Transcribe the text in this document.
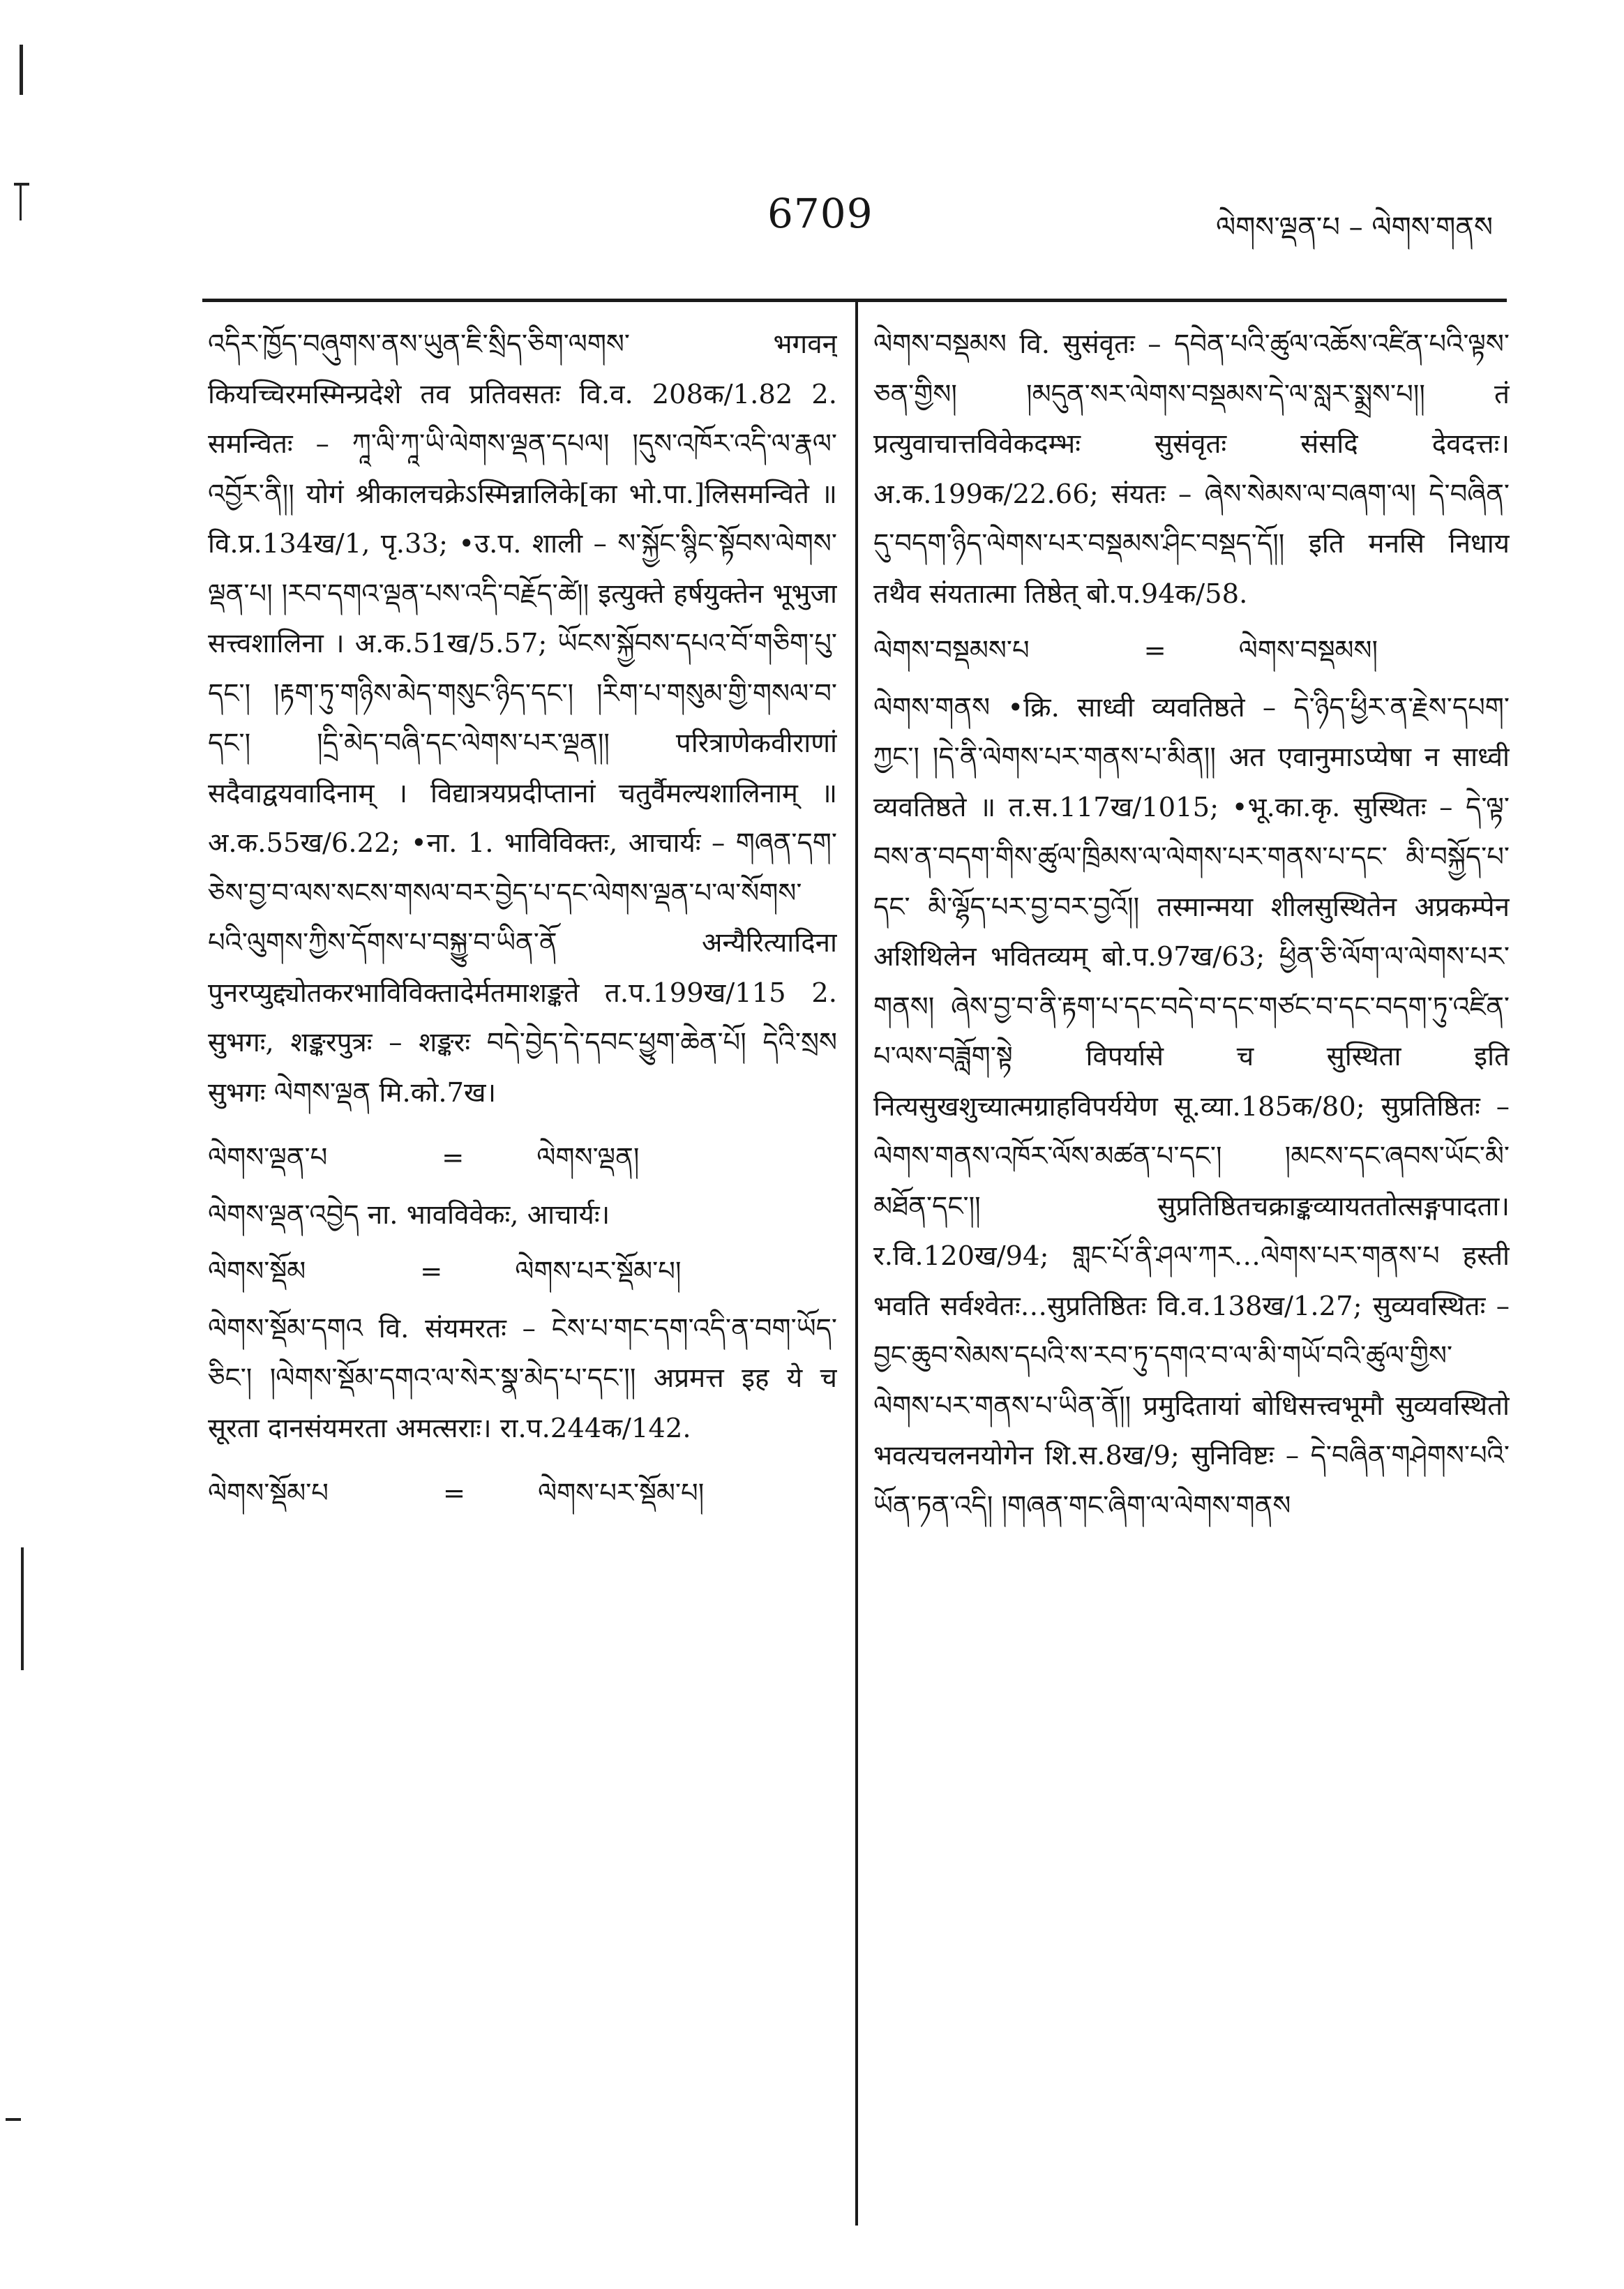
6709	ལེགས་ལྡན་པ – ལེགས་གནས

འདིར་ཁྱོད་བཞུགས་ནས་ཡུན་ཇི་སྲིད་ཅིག་ལགས་ भगवन् कियच्चिरमस्मिन्प्रदेशे तव प्रतिवसतः वि.व. 208क/1.82 2. समन्वितः – ཀཱ་ལི་ཀཱ་ཡི་ལེགས་ལྡན་དཔལ། །དུས་འཁོར་འདི་ལ་རྣལ་འབྱོར་ནི།། योगं श्रीकालचक्रेऽस्मिन्नालिके[का भो.पा.]लिसमन्विते ॥ वि.प्र.134ख/1, पृ.33; •उ.प. शाली – ས་སྐྱོང་སྙིང་སྟོབས་ལེགས་ལྡན་པ། །རབ་དགའ་ལྡན་པས་འདི་བརྗོད་ཚེ།། इत्युक्ते हर्षयुक्तेन भूभुजा सत्त्वशालिना । अ.क.51ख/5.57; ཡོངས་སྐྱོབས་དཔའ་བོ་གཅིག་པུ་དང་། །རྟག་ཏུ་གཉིས་མེད་གསུང་ཉིད་དང་། །རིག་པ་གསུམ་གྱི་གསལ་བ་དང་། །དྲི་མེད་བཞི་དང་ལེགས་པར་ལྡན།། परित्राणेकवीराणां सदैवाद्वयवादिनाम् । विद्यात्रयप्रदीप्तानां चतुर्वैमल्यशालिनाम् ॥ अ.क.55ख/6.22; •ना. 1. भाविविक्तः, आचार्यः – གཞན་དག་ཅེས་བྱ་བ་ལས་སངས་གསལ་བར་བྱེད་པ་དང་ལེགས་ལྡན་པ་ལ་སོགས་པའི་ལུགས་ཀྱིས་དོགས་པ་བསྐྱུ་བ་ཡིན་ནོ अन्यैरित्यादिना पुनरप्युद्द्योतकरभाविविक्तादेर्मतमाशङ्कते त.प.199ख/115 2. सुभगः, शङ्करपुत्रः – शङ्करः བདེ་བྱེད་དེ་དབང་ཕྱུག་ཆེན་པོ། དེའི་སྲས सुभगः ལེགས་ལྡན मि.को.7ख।

ལེགས་ལྡན་པ	=	ལེགས་ལྡན།

ལེགས་ལྡན་འབྱེད ना. भावविवेकः, आचार्यः।

ལེགས་སྡོམ	=	ལེགས་པར་སྡོམ་པ།

ལེགས་སྡོམ་དགའ वि. संयमरतः – ངེས་པ་གང་དག་འདི་ན་བག་ཡོད་ཅིང་། །ལེགས་སྡོམ་དགའ་ལ་སེར་སྣ་མེད་པ་དང་།། अप्रमत्त इह ये च सूरता दानसंयमरता अमत्सराः। रा.प.244क/142.

ལེགས་སྡོམ་པ	=	ལེགས་པར་སྡོམ་པ།

ལེགས་བསྡམས वि. सुसंवृतः – དབེན་པའི་ཚུལ་འཆོས་འཛིན་པའི་ལྟས་ཅན་གྱིས། །མདུན་སར་ལེགས་བསྡམས་དེ་ལ་སླར་སྨྲས་པ།། तं प्रत्युवाचात्तविवेकदम्भः सुसंवृतः संसदि देवदत्तः। अ.क.199क/22.66; संयतः – ཞེས་སེམས་ལ་བཞག་ལ། དེ་བཞིན་དུ་བདག་ཉིད་ལེགས་པར་བསྡམས་ཤིང་བསྡད་དོ།། इति मनसि निधाय तथैव संयतात्मा तिष्ठेत् बो.प.94क/58.

ལེགས་བསྡམས་པ	=	ལེགས་བསྡམས།

ལེགས་གནས •क्रि. साध्वी व्यवतिष्ठते – དེ་ཉིད་ཕྱིར་ན་རྗེས་དཔག་ཀྱང་། །དེ་ནི་ལེགས་པར་གནས་པ་མིན།། अत एवानुमाऽप्येषा न साध्वी व्यवतिष्ठते ॥ त.स.117ख/1015; •भू.का.कृ. सुस्थितः – དེ་ལྟ་བས་ན་བདག་གིས་ཚུལ་ཁྲིམས་ལ་ལེགས་པར་གནས་པ་དང་ མི་བསྐྱོད་པ་དང་ མི་ལྷོད་པར་བྱ་བར་བྱའོ།། तस्मान्मया शीलसुस्थितेन अप्रकम्पेन अशिथिलेन भवितव्यम् बो.प.97ख/63; ཕྱིན་ཅི་ལོག་ལ་ལེགས་པར་གནས། ཞེས་བྱ་བ་ནི་རྟག་པ་དང་བདེ་བ་དང་གཙང་བ་དང་བདག་ཏུ་འཛིན་པ་ལས་བཟློག་སྟེ विपर्यासे च सुस्थिता इति नित्यसुखशुच्यात्मग्राहविपर्ययेण सू.व्या.185क/80; सुप्रतिष्ठितः – ལེགས་གནས་འཁོར་ལོས་མཚན་པ་དང་། །མངས་དང་ཞབས་ཡོང་མི་མཐོན་དང་།། सुप्रतिष्ठितचक्राङ्कव्यायततोत्सङ्गपादता। र.वि.120ख/94; གླང་པོ་ནི་ཤལ་ཀར…ལེགས་པར་གནས་པ हस्ती भवति सर्वश्वेतः…सुप्रतिष्ठितः वि.व.138ख/1.27; सुव्यवस्थितः – བྱང་ཆུབ་སེམས་དཔའི་ས་རབ་ཏུ་དགའ་བ་ལ་མི་གཡོ་བའི་ཚུལ་གྱིས་ལེགས་པར་གནས་པ་ཡིན་ནོ།། प्रमुदितायां बोधिसत्त्वभूमौ सुव्यवस्थितो भवत्यचलनयोगेन शि.स.8ख/9; सुनिविष्टः – དེ་བཞིན་གཤེགས་པའི་ཡོན་ཏན་འདི། །གཞན་གང་ཞིག་ལ་ལེགས་གནས
